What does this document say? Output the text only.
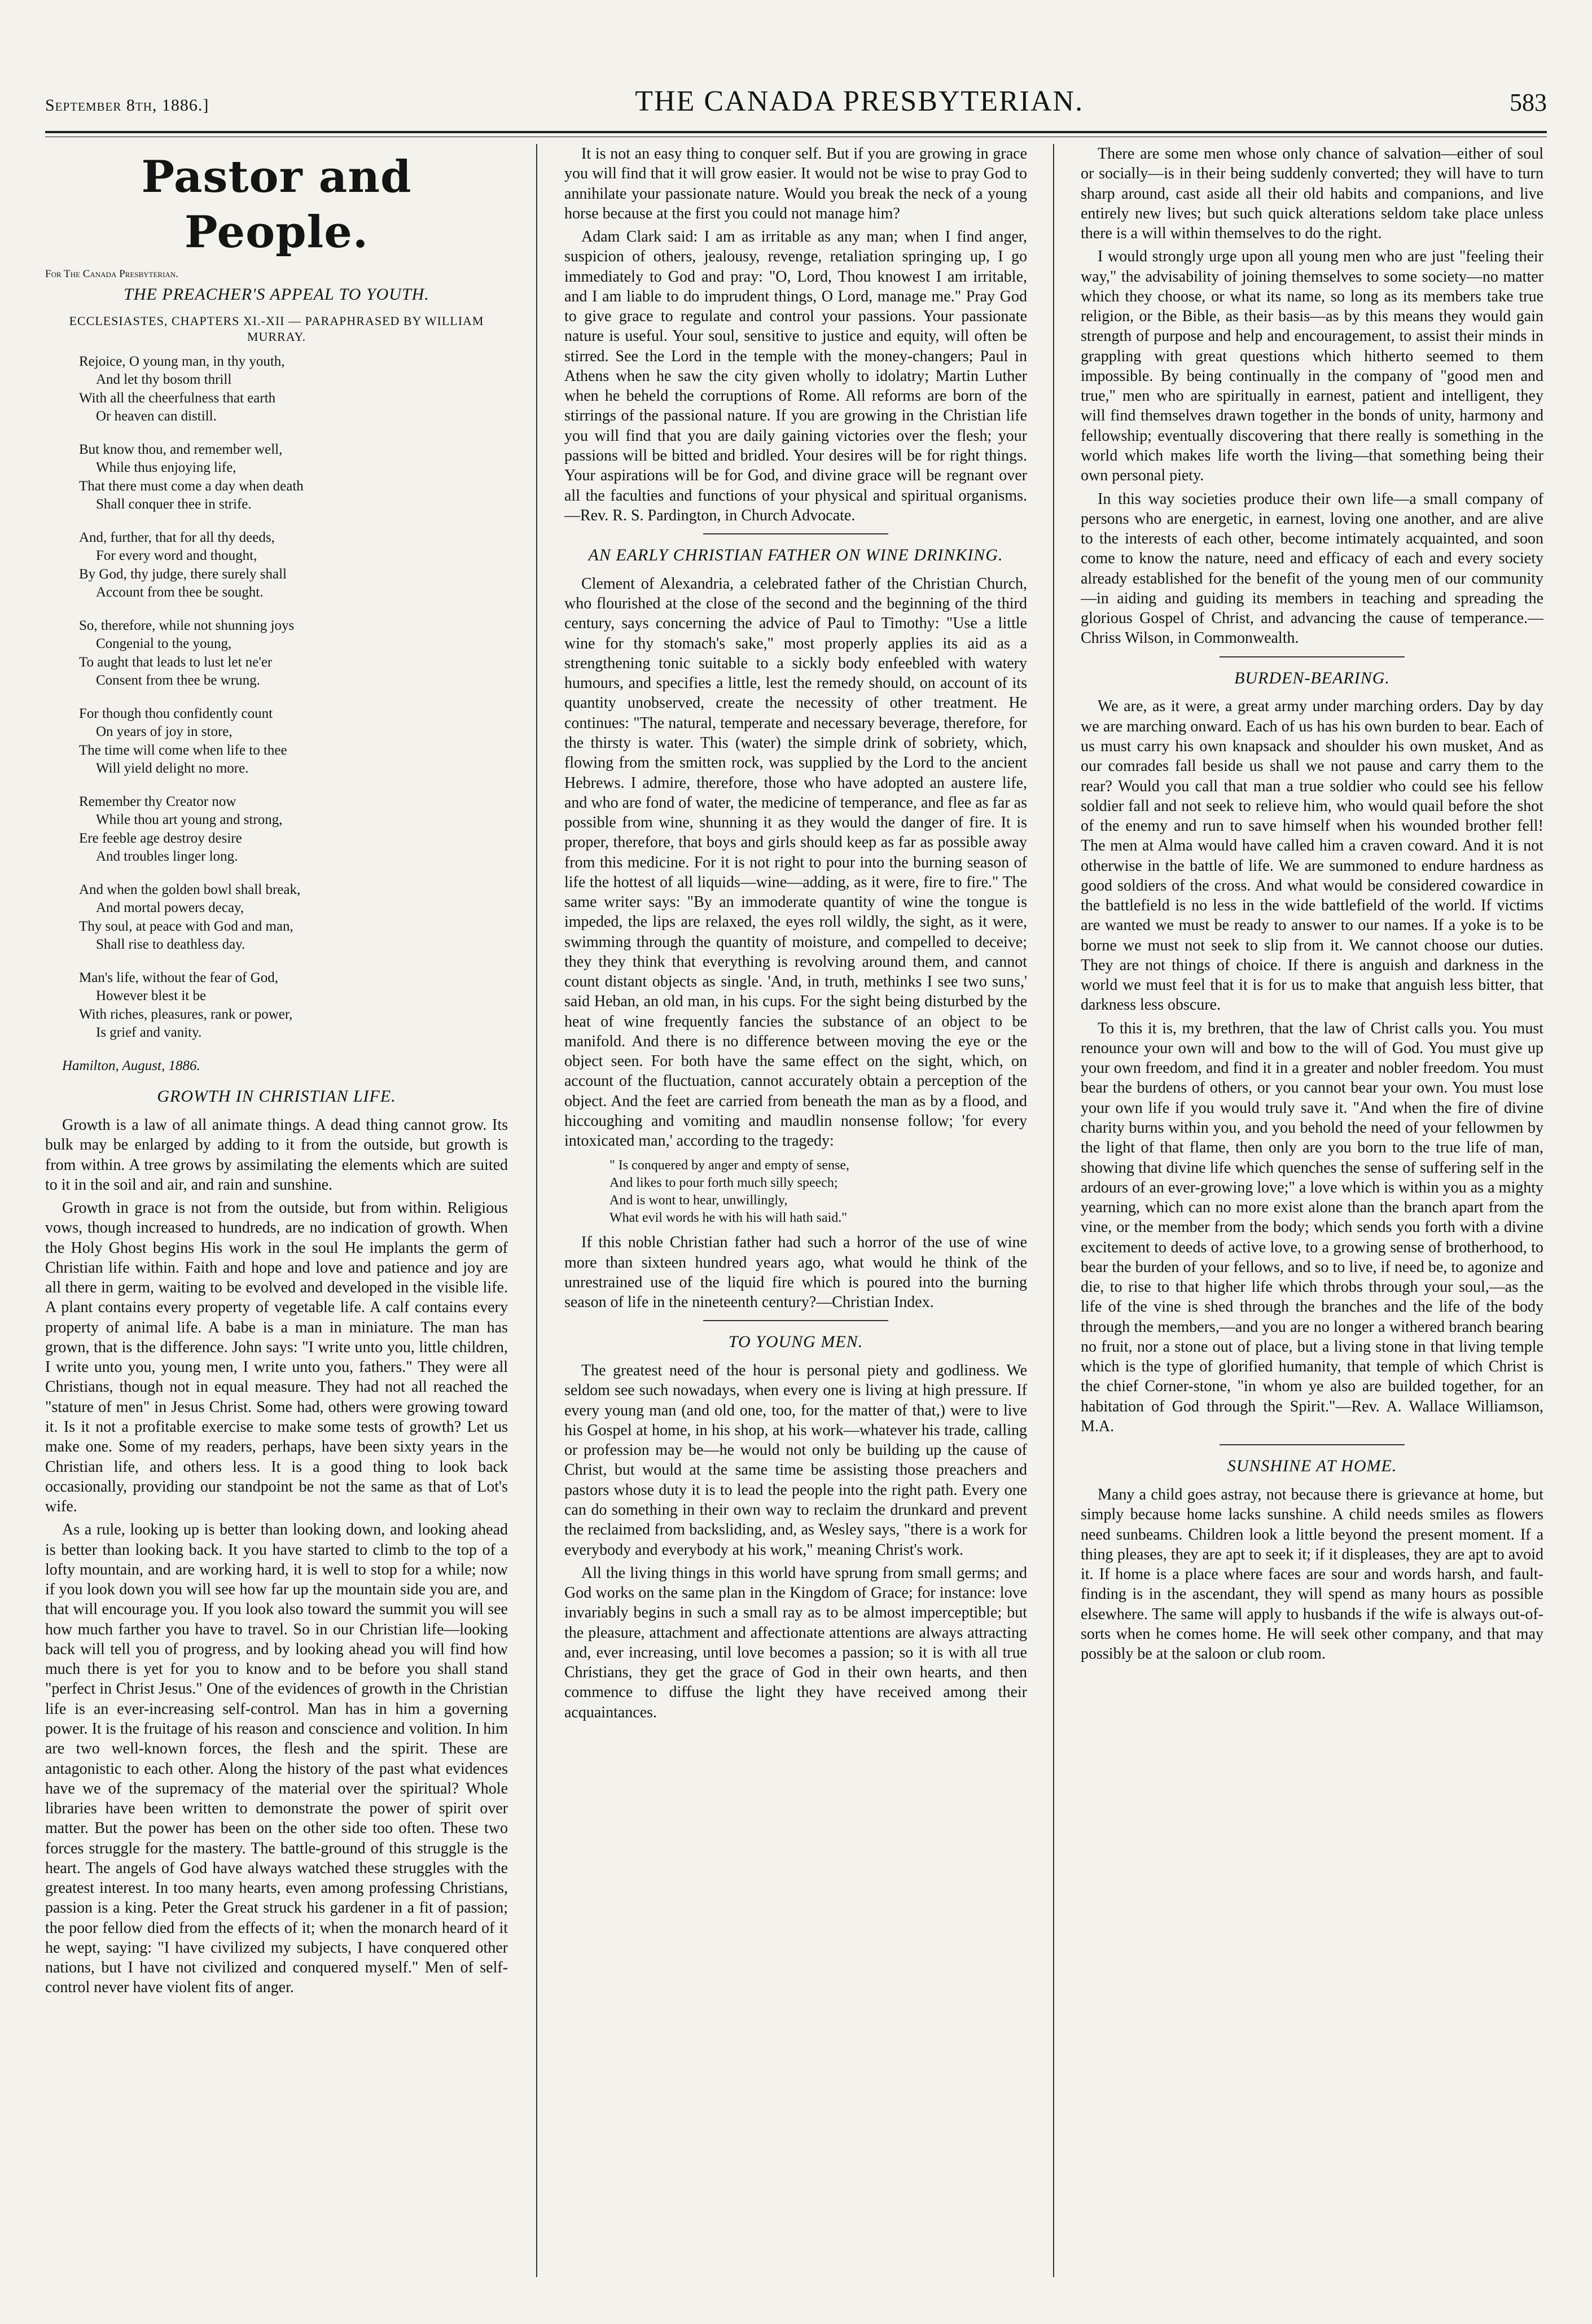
September 8th, 1886.]	THE CANADA PRESBYTERIAN.	583
Pastor and People.
For The Canada Presbyterian.
THE PREACHER'S APPEAL TO YOUTH.
ECCLESIASTES, CHAPTERS XI.-XII — PARAPHRASED BY WILLIAM MURRAY.

Rejoice, O young man, in thy youth,

And let thy bosom thrill

With all the cheerfulness that earth

Or heaven can distill.

But know thou, and remember well,

While thus enjoying life,

That there must come a day when death

Shall conquer thee in strife.

And, further, that for all thy deeds,

For every word and thought,

By God, thy judge, there surely shall

Account from thee be sought.

So, therefore, while not shunning joys

Congenial to the young,

To aught that leads to lust let ne'er

Consent from thee be wrung.

For though thou confidently count

On years of joy in store,

The time will come when life to thee

Will yield delight no more.

Remember thy Creator now

While thou art young and strong,

Ere feeble age destroy desire

And troubles linger long.

And when the golden bowl shall break,

And mortal powers decay,

Thy soul, at peace with God and man,

Shall rise to deathless day.

Man's life, without the fear of God,

However blest it be

With riches, pleasures, rank or power,

Is grief and vanity.

Hamilton, August, 1886.
GROWTH IN CHRISTIAN LIFE.

Growth is a law of all animate things. A dead thing cannot grow. Its bulk may be enlarged by adding to it from the outside, but growth is from within. A tree grows by assimilating the elements which are suited to it in the soil and air, and rain and sunshine.

Growth in grace is not from the outside, but from within. Religious vows, though increased to hundreds, are no indication of growth. When the Holy Ghost begins His work in the soul He implants the germ of Christian life within. Faith and hope and love and patience and joy are all there in germ, waiting to be evolved and developed in the visible life. A plant contains every property of vegetable life. A calf contains every property of animal life. A babe is a man in miniature. The man has grown, that is the difference. John says: "I write unto you, little children, I write unto you, young men, I write unto you, fathers." They were all Christians, though not in equal measure. They had not all reached the "stature of men" in Jesus Christ. Some had, others were growing toward it. Is it not a profitable exercise to make some tests of growth? Let us make one. Some of my readers, perhaps, have been sixty years in the Christian life, and others less. It is a good thing to look back occasionally, providing our standpoint be not the same as that of Lot's wife.

As a rule, looking up is better than looking down, and looking ahead is better than looking back. It you have started to climb to the top of a lofty mountain, and are working hard, it is well to stop for a while; now if you look down you will see how far up the mountain side you are, and that will encourage you. If you look also toward the summit you will see how much farther you have to travel. So in our Christian life—looking back will tell you of progress, and by looking ahead you will find how much there is yet for you to know and to be before you shall stand "perfect in Christ Jesus." One of the evidences of growth in the Christian life is an ever-increasing self-control. Man has in him a governing power. It is the fruitage of his reason and conscience and volition. In him are two well-known forces, the flesh and the spirit. These are antagonistic to each other. Along the history of the past what evidences have we of the supremacy of the material over the spiritual? Whole libraries have been written to demonstrate the power of spirit over matter. But the power has been on the other side too often. These two forces struggle for the mastery. The battle-ground of this struggle is the heart. The angels of God have always watched these struggles with the greatest interest. In too many hearts, even among professing Christians, passion is a king. Peter the Great struck his gardener in a fit of passion; the poor fellow died from the effects of it; when the monarch heard of it he wept, saying: "I have civilized my subjects, I have conquered other nations, but I have not civilized and conquered myself." Men of self-control never have violent fits of anger.

It is not an easy thing to conquer self. But if you are growing in grace you will find that it will grow easier. It would not be wise to pray God to annihilate your passionate nature. Would you break the neck of a young horse because at the first you could not manage him?

Adam Clark said: I am as irritable as any man; when I find anger, suspicion of others, jealousy, revenge, retaliation springing up, I go immediately to God and pray: "O, Lord, Thou knowest I am irritable, and I am liable to do imprudent things, O Lord, manage me." Pray God to give grace to regulate and control your passions. Your passionate nature is useful. Your soul, sensitive to justice and equity, will often be stirred. See the Lord in the temple with the money-changers; Paul in Athens when he saw the city given wholly to idolatry; Martin Luther when he beheld the corruptions of Rome. All reforms are born of the stirrings of the passional nature. If you are growing in the Christian life you will find that you are daily gaining victories over the flesh; your passions will be bitted and bridled. Your desires will be for right things. Your aspirations will be for God, and divine grace will be regnant over all the faculties and functions of your physical and spiritual organisms.—Rev. R. S. Pardington, in Church Advocate.

AN EARLY CHRISTIAN FATHER ON WINE DRINKING.

Clement of Alexandria, a celebrated father of the Christian Church, who flourished at the close of the second and the beginning of the third century, says concerning the advice of Paul to Timothy: "Use a little wine for thy stomach's sake," most properly applies its aid as a strengthening tonic suitable to a sickly body enfeebled with watery humours, and specifies a little, lest the remedy should, on account of its quantity unobserved, create the necessity of other treatment. He continues: "The natural, temperate and necessary beverage, therefore, for the thirsty is water. This (water) the simple drink of sobriety, which, flowing from the smitten rock, was supplied by the Lord to the ancient Hebrews. I admire, therefore, those who have adopted an austere life, and who are fond of water, the medicine of temperance, and flee as far as possible from wine, shunning it as they would the danger of fire. It is proper, therefore, that boys and girls should keep as far as possible away from this medicine. For it is not right to pour into the burning season of life the hottest of all liquids—wine—adding, as it were, fire to fire." The same writer says: "By an immoderate quantity of wine the tongue is impeded, the lips are relaxed, the eyes roll wildly, the sight, as it were, swimming through the quantity of moisture, and compelled to deceive; they they think that everything is revolving around them, and cannot count distant objects as single. 'And, in truth, methinks I see two suns,' said Heban, an old man, in his cups. For the sight being disturbed by the heat of wine frequently fancies the substance of an object to be manifold. And there is no difference between moving the eye or the object seen. For both have the same effect on the sight, which, on account of the fluctuation, cannot accurately obtain a perception of the object. And the feet are carried from beneath the man as by a flood, and hiccoughing and vomiting and maudlin nonsense follow; 'for every intoxicated man,' according to the tragedy:

" Is conquered by anger and empty of sense,

And likes to pour forth much silly speech;

And is wont to hear, unwillingly,

What evil words he with his will hath said."

If this noble Christian father had such a horror of the use of wine more than sixteen hundred years ago, what would he think of the unrestrained use of the liquid fire which is poured into the burning season of life in the nineteenth century?—Christian Index.

TO YOUNG MEN.

The greatest need of the hour is personal piety and godliness. We seldom see such nowadays, when every one is living at high pressure. If every young man (and old one, too, for the matter of that,) were to live his Gospel at home, in his shop, at his work—whatever his trade, calling or profession may be—he would not only be building up the cause of Christ, but would at the same time be assisting those preachers and pastors whose duty it is to lead the people into the right path. Every one can do something in their own way to reclaim the drunkard and prevent the reclaimed from backsliding, and, as Wesley says, "there is a work for everybody and everybody at his work," meaning Christ's work.

All the living things in this world have sprung from small germs; and God works on the same plan in the Kingdom of Grace; for instance: love invariably begins in such a small ray as to be almost imperceptible; but the pleasure, attachment and affectionate attentions are always attracting and, ever increasing, until love becomes a passion; so it is with all true Christians, they get the grace of God in their own hearts, and then commence to diffuse the light they have received among their acquaintances.

There are some men whose only chance of salvation—either of soul or socially—is in their being suddenly converted; they will have to turn sharp around, cast aside all their old habits and companions, and live entirely new lives; but such quick alterations seldom take place unless there is a will within themselves to do the right.

I would strongly urge upon all young men who are just "feeling their way," the advisability of joining themselves to some society—no matter which they choose, or what its name, so long as its members take true religion, or the Bible, as their basis—as by this means they would gain strength of purpose and help and encouragement, to assist their minds in grappling with great questions which hitherto seemed to them impossible. By being continually in the company of "good men and true," men who are spiritually in earnest, patient and intelligent, they will find themselves drawn together in the bonds of unity, harmony and fellowship; eventually discovering that there really is something in the world which makes life worth the living—that something being their own personal piety.

In this way societies produce their own life—a small company of persons who are energetic, in earnest, loving one another, and are alive to the interests of each other, become intimately acquainted, and soon come to know the nature, need and efficacy of each and every society already established for the benefit of the young men of our community—in aiding and guiding its members in teaching and spreading the glorious Gospel of Christ, and advancing the cause of temperance.—Chriss Wilson, in Commonwealth.

BURDEN-BEARING.

We are, as it were, a great army under marching orders. Day by day we are marching onward. Each of us has his own burden to bear. Each of us must carry his own knapsack and shoulder his own musket, And as our comrades fall beside us shall we not pause and carry them to the rear? Would you call that man a true soldier who could see his fellow soldier fall and not seek to relieve him, who would quail before the shot of the enemy and run to save himself when his wounded brother fell! The men at Alma would have called him a craven coward. And it is not otherwise in the battle of life. We are summoned to endure hardness as good soldiers of the cross. And what would be considered cowardice in the battlefield is no less in the wide battlefield of the world. If victims are wanted we must be ready to answer to our names. If a yoke is to be borne we must not seek to slip from it. We cannot choose our duties. They are not things of choice. If there is anguish and darkness in the world we must feel that it is for us to make that anguish less bitter, that darkness less obscure.

To this it is, my brethren, that the law of Christ calls you. You must renounce your own will and bow to the will of God. You must give up your own freedom, and find it in a greater and nobler freedom. You must bear the burdens of others, or you cannot bear your own. You must lose your own life if you would truly save it. "And when the fire of divine charity burns within you, and you behold the need of your fellowmen by the light of that flame, then only are you born to the true life of man, showing that divine life which quenches the sense of suffering self in the ardours of an ever-growing love;" a love which is within you as a mighty yearning, which can no more exist alone than the branch apart from the vine, or the member from the body; which sends you forth with a divine excitement to deeds of active love, to a growing sense of brotherhood, to bear the burden of your fellows, and so to live, if need be, to agonize and die, to rise to that higher life which throbs through your soul,—as the life of the vine is shed through the branches and the life of the body through the members,—and you are no longer a withered branch bearing no fruit, nor a stone out of place, but a living stone in that living temple which is the type of glorified humanity, that temple of which Christ is the chief Corner-stone, "in whom ye also are builded together, for an habitation of God through the Spirit."—Rev. A. Wallace Williamson, M.A.

SUNSHINE AT HOME.

Many a child goes astray, not because there is grievance at home, but simply because home lacks sunshine. A child needs smiles as flowers need sunbeams. Children look a little beyond the present moment. If a thing pleases, they are apt to seek it; if it displeases, they are apt to avoid it. If home is a place where faces are sour and words harsh, and fault-finding is in the ascendant, they will spend as many hours as possible elsewhere. The same will apply to husbands if the wife is always out-of-sorts when he comes home. He will seek other company, and that may possibly be at the saloon or club room.
